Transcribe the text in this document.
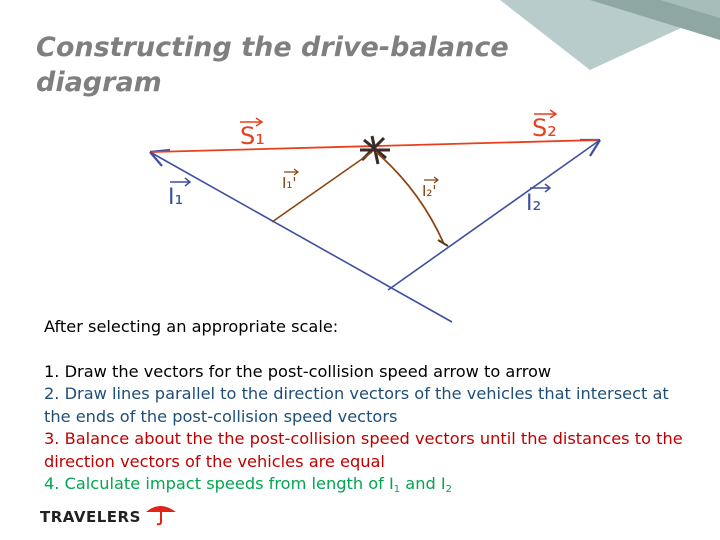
Constructing the drive-balance diagram
S₁	S₂
I₁	I₂
I₁'	I₂'

After selecting an appropriate scale:

1. Draw the vectors for the post-collision speed arrow to arrow

2. Draw lines parallel to the direction vectors of the vehicles that intersect at the ends of the post-collision speed vectors

3. Balance about the the post-collision speed vectors until the distances to the direction vectors of the vehicles are equal

4. Calculate impact speeds from length of $I_1$ and $I_2$

TRAVELERS
